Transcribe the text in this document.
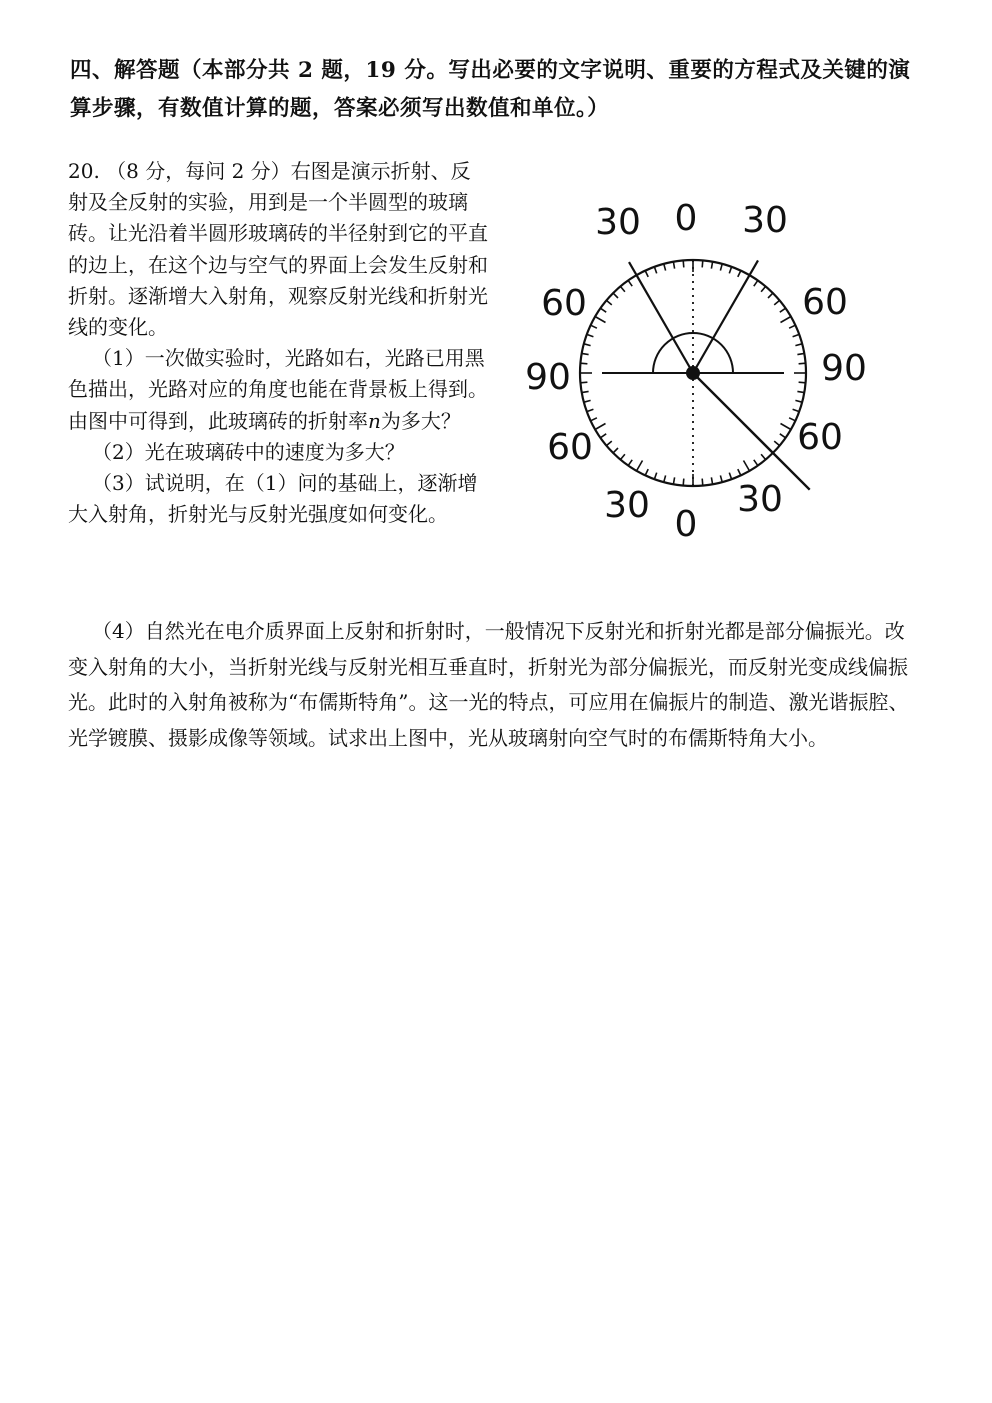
四、解答题（本部分共 2 题，19 分。写出必要的文字说明、重要的方程式及关键的演算步骤，有数值计算的题，答案必须写出数值和单位。）

20. （8 分，每问 2 分）右图是演示折射、反射及全反射的实验，用到是一个半圆型的玻璃砖。让光沿着半圆形玻璃砖的半径射到它的平直的边上，在这个边与空气的界面上会发生反射和折射。逐渐增大入射角，观察反射光线和折射光线的变化。

（1）一次做实验时，光路如右，光路已用黑色描出，光路对应的角度也能在背景板上得到。由图中可得到，此玻璃砖的折射率n为多大？

（2）光在玻璃砖中的速度为多大？

（3）试说明，在（1）问的基础上，逐渐增大入射角，折射光与反射光强度如何变化。

（4）自然光在电介质界面上反射和折射时，一般情况下反射光和折射光都是部分偏振光。改变入射角的大小，当折射光线与反射光相互垂直时，折射光为部分偏振光，而反射光变成线偏振光。此时的入射角被称为“布儒斯特角”。这一光的特点，可应用在偏振片的制造、激光谐振腔、光学镀膜、摄影成像等领域。试求出上图中，光从玻璃射向空气时的布儒斯特角大小。

0
30	30
60	60
90	90
60	60
30 30
0
